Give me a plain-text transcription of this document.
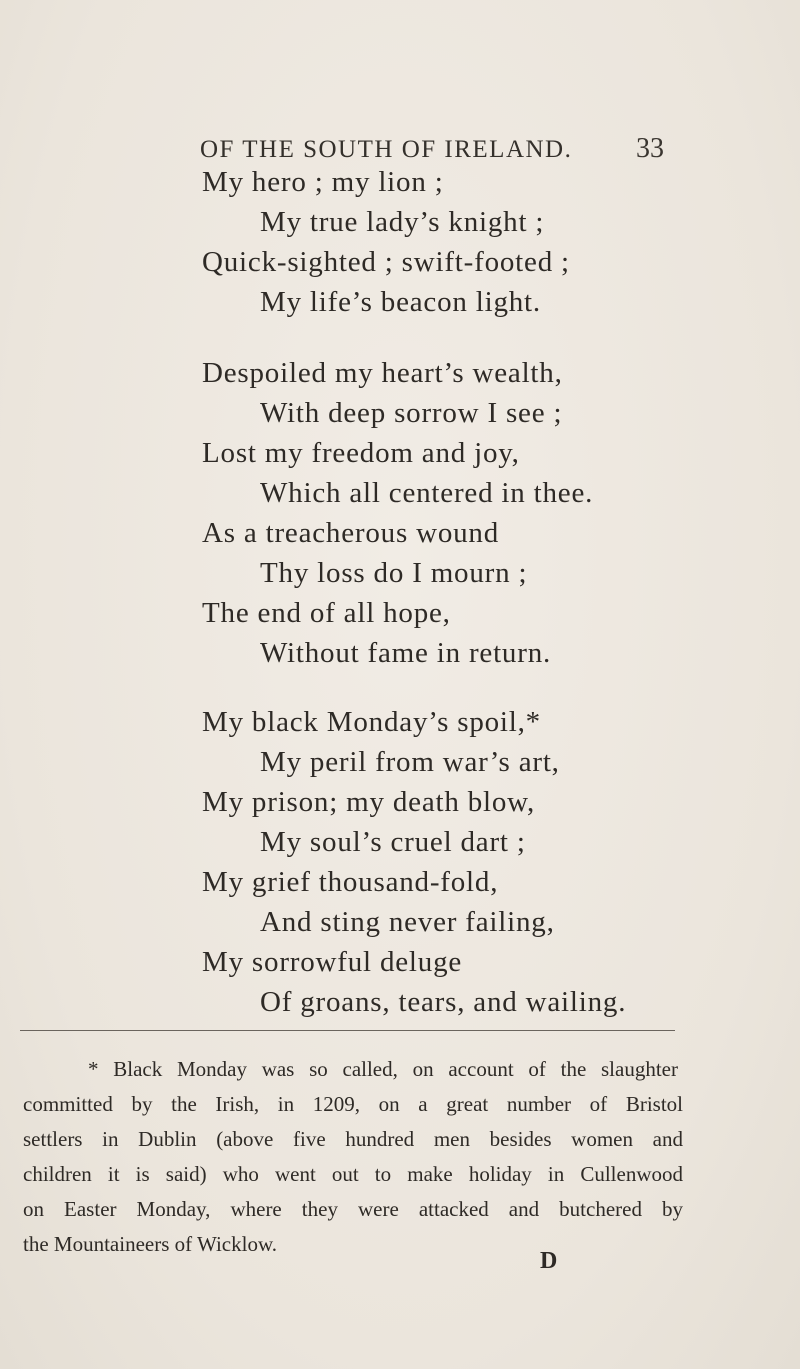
OF THE SOUTH OF IRELAND.	33
My hero ; my lion ;
My true lady’s knight ;
Quick-sighted ; swift-footed ;
My life’s beacon light.
Despoiled my heart’s wealth,
With deep sorrow I see ;
Lost my freedom and joy,
Which all centered in thee.
As a treacherous wound
Thy loss do I mourn ;
The end of all hope,
Without fame in return.
My black Monday’s spoil,*
My peril from war’s art,
My prison; my death blow,
My soul’s cruel dart ;
My grief thousand-fold,
And sting never failing,
My sorrowful deluge
Of groans, tears, and wailing.
* Black Monday was so called, on account of the slaughter
committed by the Irish, in 1209, on a great number of Bristol
settlers in Dublin (above five hundred men besides women and
children it is said) who went out to make holiday in Cullenwood
on Easter Monday, where they were attacked and butchered by
the Mountaineers of Wicklow.
D
